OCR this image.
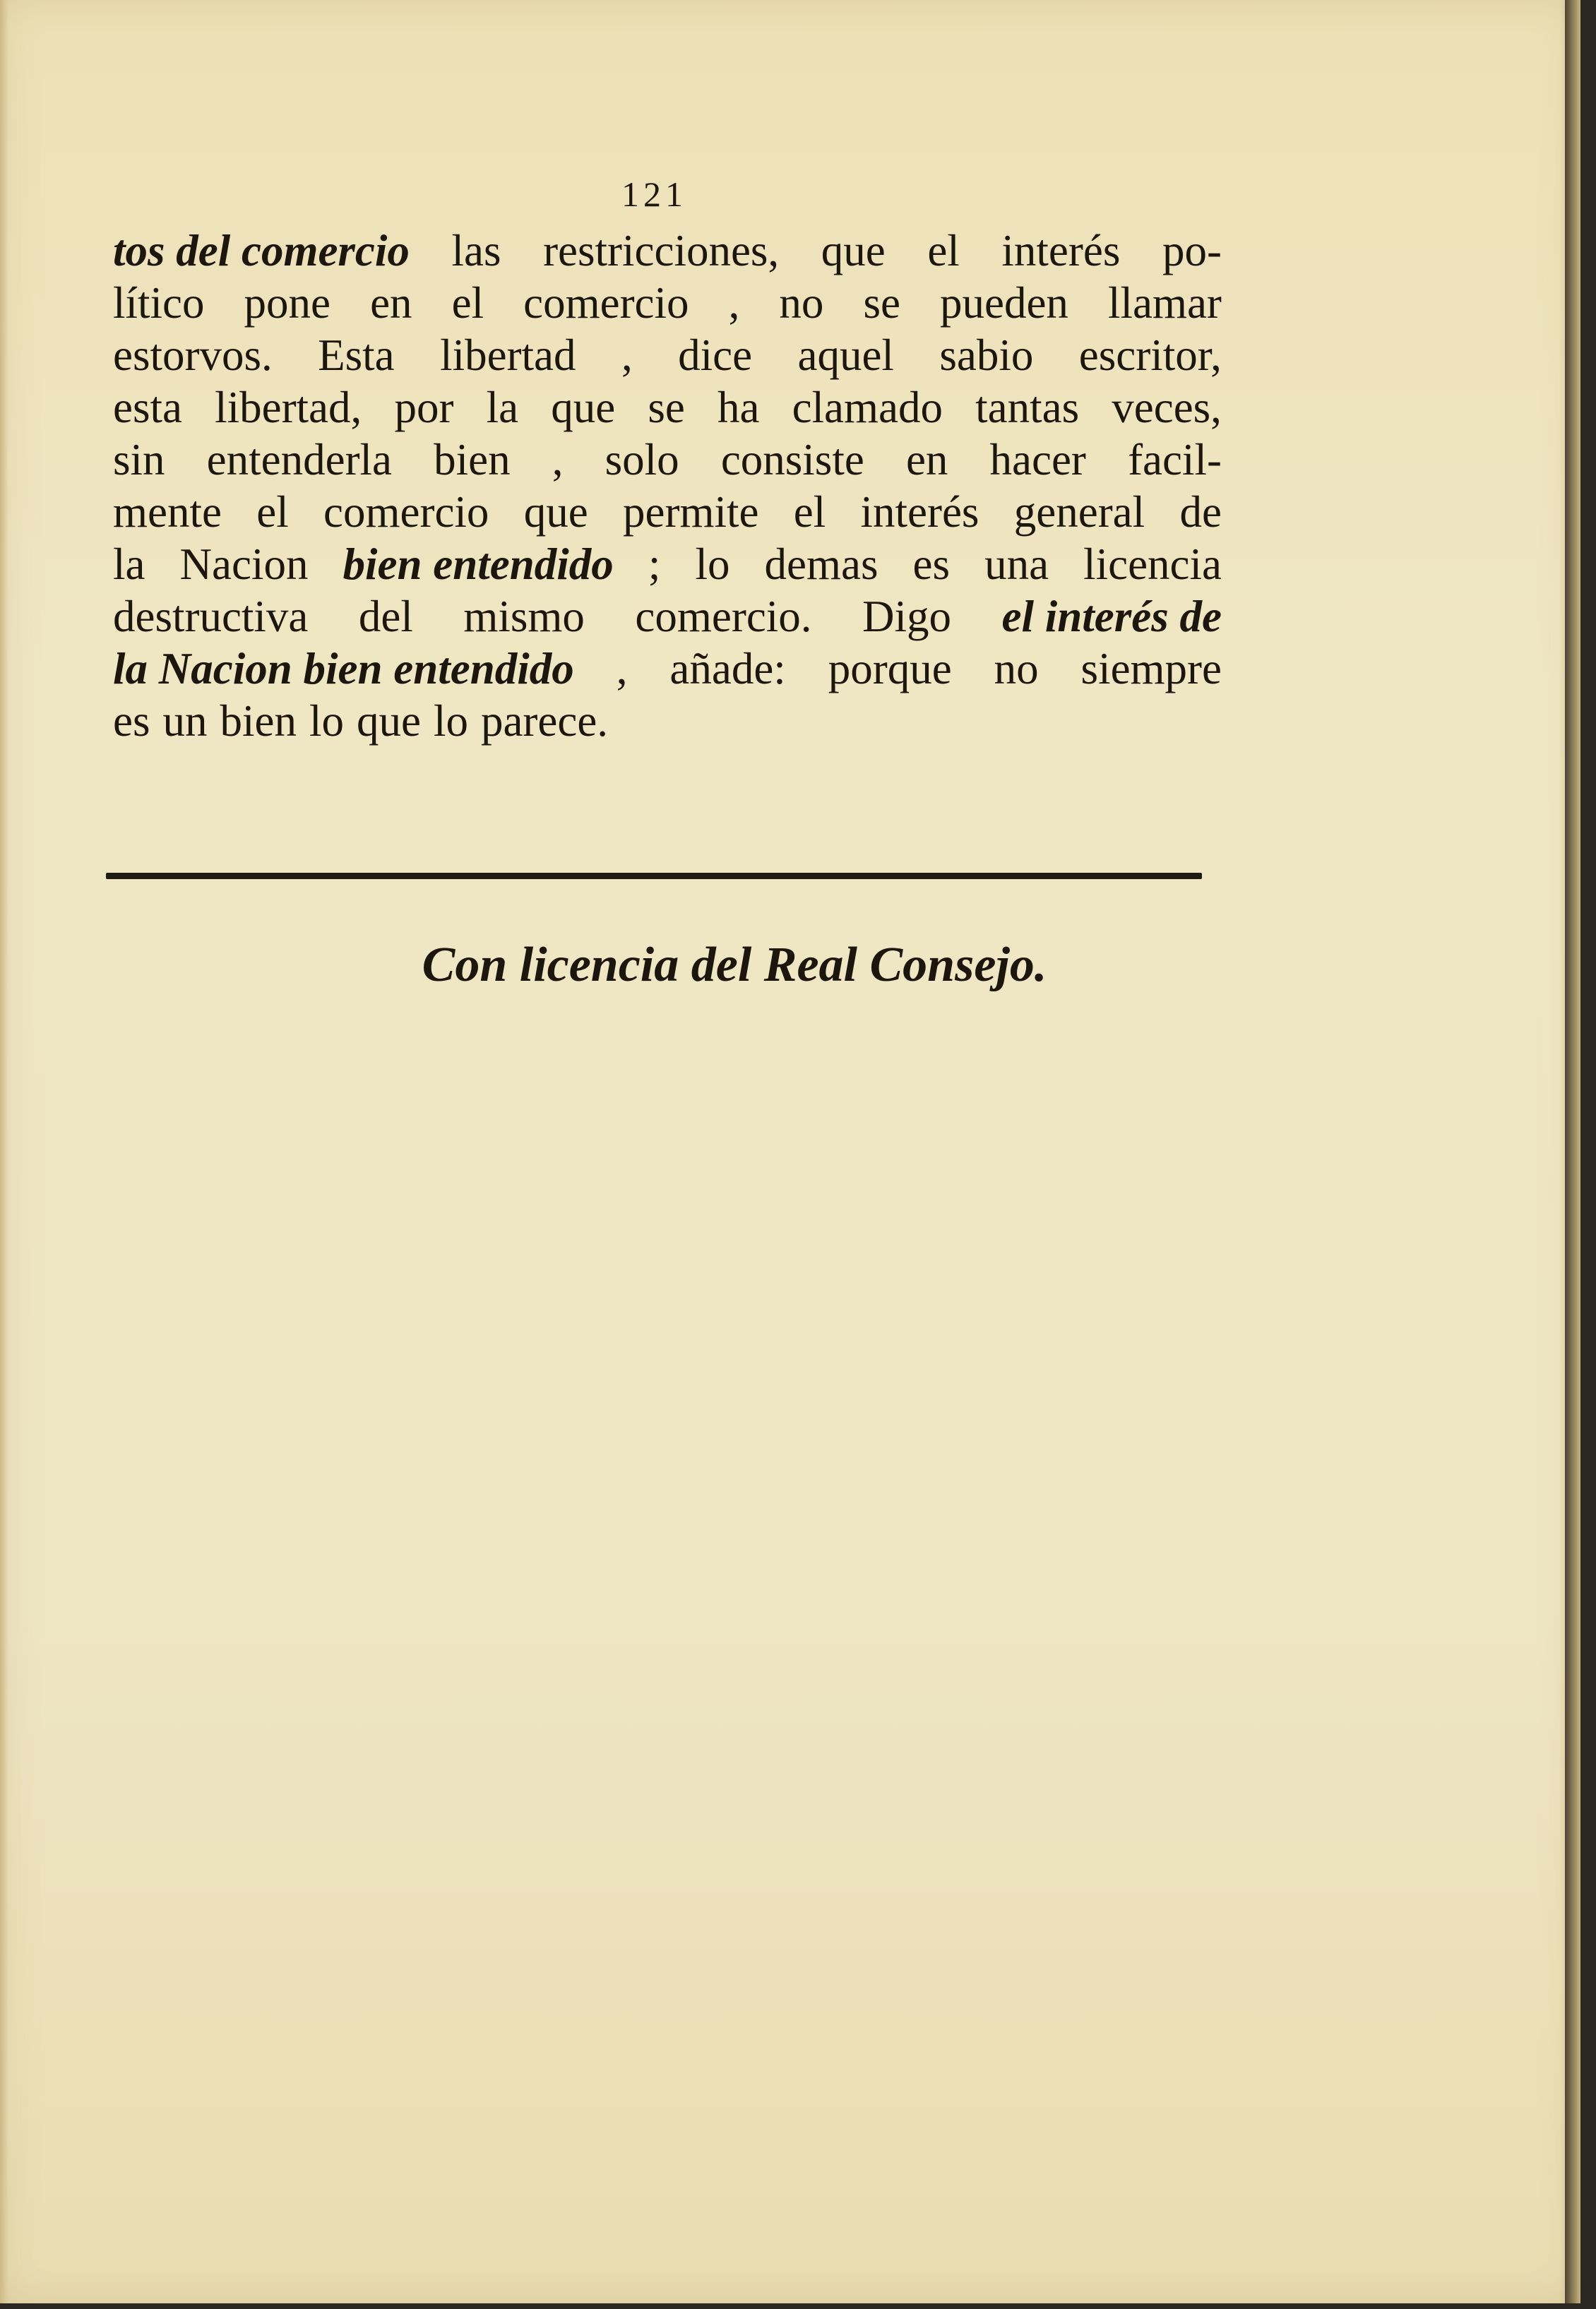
121
tos del comercio las restricciones, que el interés po-
lítico pone en el comercio , no se pueden llamar
estorvos. Esta libertad , dice aquel sabio escritor,
esta libertad, por la que se ha clamado tantas veces,
sin entenderla bien , solo consiste en hacer facil-
mente el comercio que permite el interés general de
la Nacion bien entendido ; lo demas es una licencia
destructiva del mismo comercio. Digo el interés de
la Nacion bien entendido , añade: porque no siempre
es un bien lo que lo parece.
Con licencia del Real Consejo.
